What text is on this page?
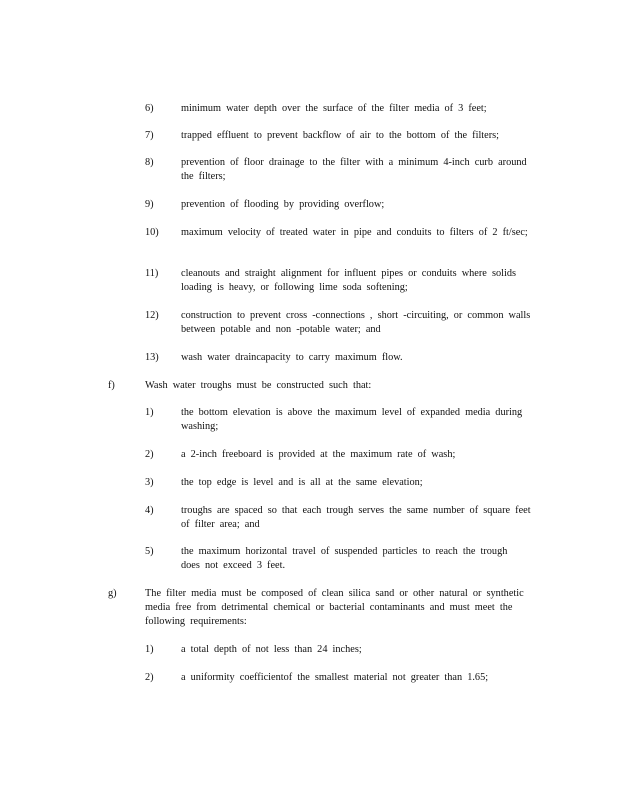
6)	minimum water depth over the surface of the filter media of 3 feet;
7)	trapped effluent to prevent backflow of air to the bottom of the filters;
8)	prevention of floor drainage to the filter with a minimum 4-inch curb around the filters;
9)	prevention of flooding by providing overflow;
10) maximum velocity of treated water in pipe and conduits to filters of 2 ft/sec;
11) cleanouts and straight alignment for influent pipes or conduits where solids loading is heavy, or following lime soda softening;
12) construction to prevent cross -connections , short -circuiting, or common walls between potable and non -potable water; and
13) wash water draincapacity to carry maximum flow.
f)	Wash water troughs must be constructed such that:
1)	the bottom elevation is above the maximum level of expanded media during washing;
2)	a 2-inch freeboard is provided at the maximum rate of wash;
3)	the top edge is level and is all at the same elevation;
4)	troughs are spaced so that each trough serves the same number of square feet of filter area; and
5)	the maximum horizontal travel of suspended particles to reach the trough does not exceed 3 feet.
g)	The filter media must be composed of clean silica sand or other natural or synthetic media free from detrimental chemical or bacterial contaminants and must meet the following requirements:
1)	a total depth of not less than 24 inches;
2)	a uniformity coefficientof the smallest material not greater than 1.65;
